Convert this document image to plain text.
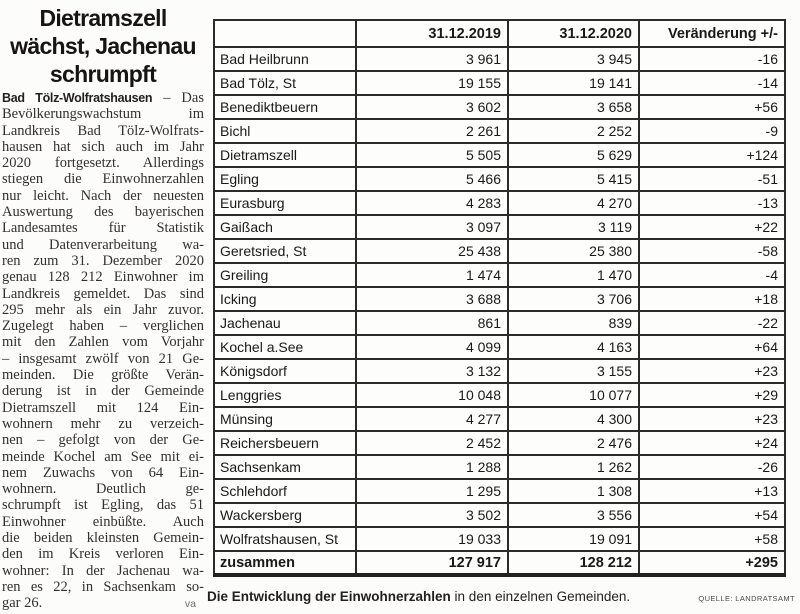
Dietramszell
wächst, Jachenau
schrumpft
Bad Tölz-Wolfratshausen – Das
Bevölkerungswachstum im
Landkreis Bad Tölz-Wolfrats-
hausen hat sich auch im Jahr
2020 fortgesetzt. Allerdings
stiegen die Einwohnerzahlen
nur leicht. Nach der neuesten
Auswertung des bayerischen
Landesamtes für Statistik
und Datenverarbeitung wa-
ren zum 31. Dezember 2020
genau 128 212 Einwohner im
Landkreis gemeldet. Das sind
295 mehr als ein Jahr zuvor.
Zugelegt haben – verglichen
mit den Zahlen vom Vorjahr
– insgesamt zwölf von 21 Ge-
meinden. Die größte Verän-
derung ist in der Gemeinde
Dietramszell mit 124 Ein-
wohnern mehr zu verzeich-
nen – gefolgt von der Ge-
meinde Kochel am See mit ei-
nem Zuwachs von 64 Ein-
wohnern. Deutlich ge-
schrumpft ist Egling, das 51
Einwohner einbüßte. Auch
die beiden kleinsten Gemein-
den im Kreis verloren Ein-
wohner: In der Jachenau wa-
ren es 22, in Sachsenkam so-
gar 26.	va
	31.12.2019	31.12.2020	Veränderung +/-
Bad Heilbrunn	3 961	3 945	-16
Bad Tölz, St	19 155	19 141	-14
Benediktbeuern	3 602	3 658	+56
Bichl	2 261	2 252	-9
Dietramszell	5 505	5 629	+124
Egling	5 466	5 415	-51
Eurasburg	4 283	4 270	-13
Gaißach	3 097	3 119	+22
Geretsried, St	25 438	25 380	-58
Greiling	1 474	1 470	-4
Icking	3 688	3 706	+18
Jachenau	861	839	-22
Kochel a.See	4 099	4 163	+64
Königsdorf	3 132	3 155	+23
Lenggries	10 048	10 077	+29
Münsing	4 277	4 300	+23
Reichersbeuern	2 452	2 476	+24
Sachsenkam	1 288	1 262	-26
Schlehdorf	1 295	1 308	+13
Wackersberg	3 502	3 556	+54
Wolfratshausen, St	19 033	19 091	+58
zusammen	127 917	128 212	+295
Die Entwicklung der Einwohnerzahlen in den einzelnen Gemeinden.	QUELLE: LANDRATSAMT
